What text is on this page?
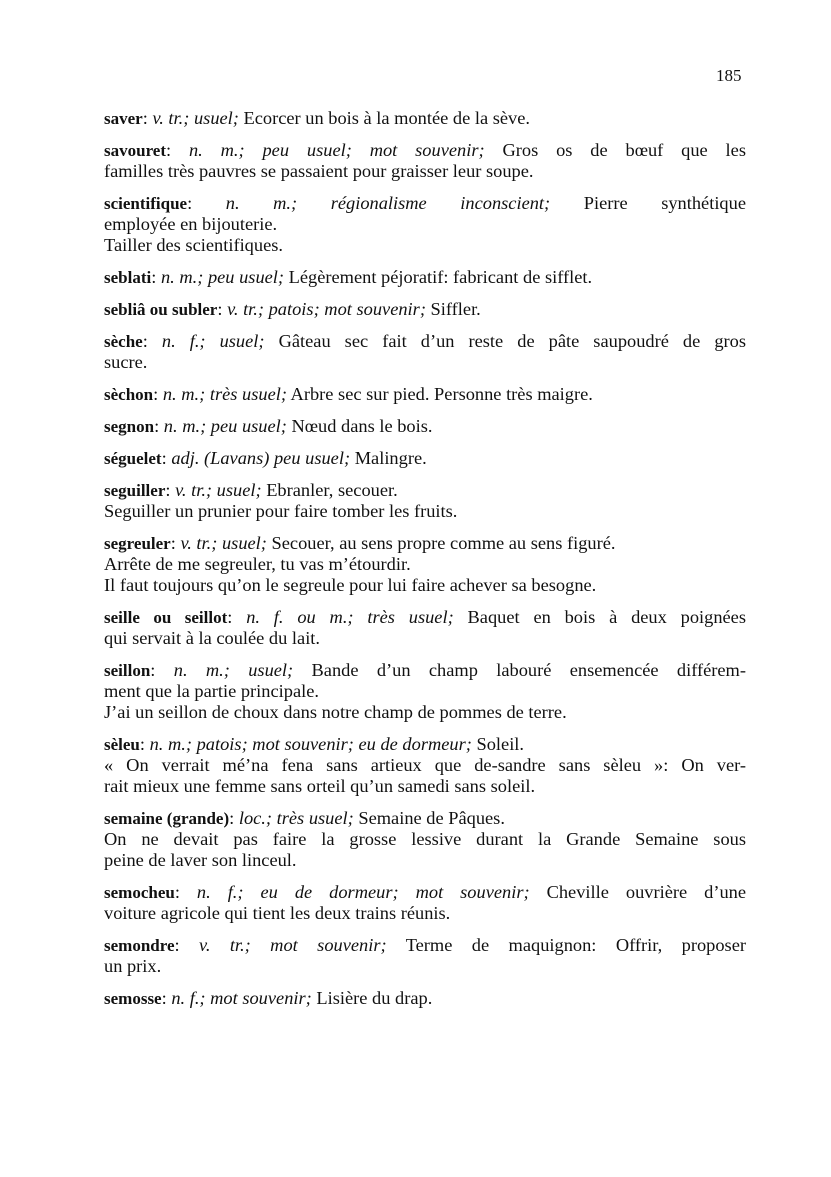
185
saver: v. tr.; usuel; Ecorcer un bois à la montée de la sève.
savouret: n. m.; peu usuel; mot souvenir; Gros os de bœuf que les
familles très pauvres se passaient pour graisser leur soupe.
scientifique: n. m.; régionalisme inconscient; Pierre synthétique
employée en bijouterie.
Tailler des scientifiques.
seblati: n. m.; peu usuel; Légèrement péjoratif: fabricant de sifflet.
sebliâ ou subler: v. tr.; patois; mot souvenir; Siffler.
sèche: n. f.; usuel; Gâteau sec fait d’un reste de pâte saupoudré de gros
sucre.
sèchon: n. m.; très usuel; Arbre sec sur pied. Personne très maigre.
segnon: n. m.; peu usuel; Nœud dans le bois.
séguelet: adj. (Lavans) peu usuel; Malingre.
seguiller: v. tr.; usuel; Ebranler, secouer.
Seguiller un prunier pour faire tomber les fruits.
segreuler: v. tr.; usuel; Secouer, au sens propre comme au sens figuré.
Arrête de me segreuler, tu vas m’étourdir.
Il faut toujours qu’on le segreule pour lui faire achever sa besogne.
seille ou seillot: n. f. ou m.; très usuel; Baquet en bois à deux poignées
qui servait à la coulée du lait.
seillon: n. m.; usuel; Bande d’un champ labouré ensemencée différem-
ment que la partie principale.
J’ai un seillon de choux dans notre champ de pommes de terre.
sèleu: n. m.; patois; mot souvenir; eu de dormeur; Soleil.
« On verrait mé’na fena sans artieux que de-sandre sans sèleu »: On ver-
rait mieux une femme sans orteil qu’un samedi sans soleil.
semaine (grande): loc.; très usuel; Semaine de Pâques.
On ne devait pas faire la grosse lessive durant la Grande Semaine sous
peine de laver son linceul.
semocheu: n. f.; eu de dormeur; mot souvenir; Cheville ouvrière d’une
voiture agricole qui tient les deux trains réunis.
semondre: v. tr.; mot souvenir; Terme de maquignon: Offrir, proposer
un prix.
semosse: n. f.; mot souvenir; Lisière du drap.
